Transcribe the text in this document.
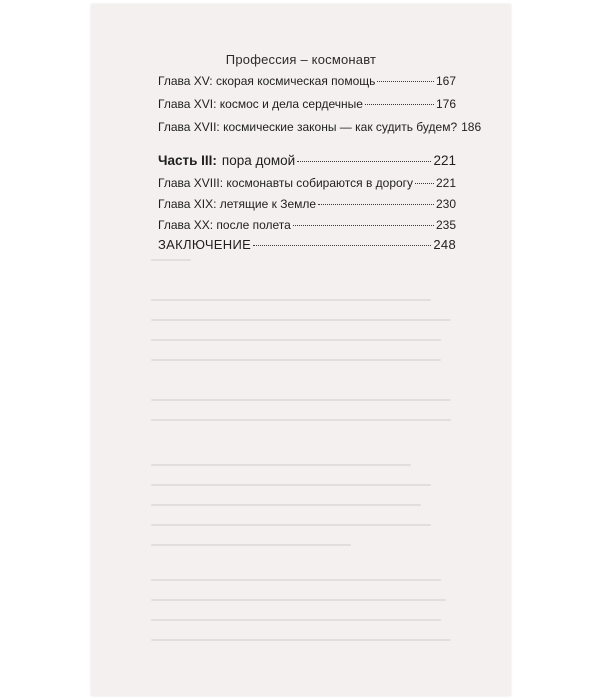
Профессия – космонавт
Глава XV: скорая космическая помощь	167
Глава XVI: космос и дела сердечные	176
Глава XVII: космические законы — как судить будем? 186
Часть III: пора домой	221
Глава XVIII: космонавты собираются в дорогу 221
Глава XIX: летящие к Земле	230
Глава XX: после полета	235
ЗАКЛЮЧЕНИЕ	248
